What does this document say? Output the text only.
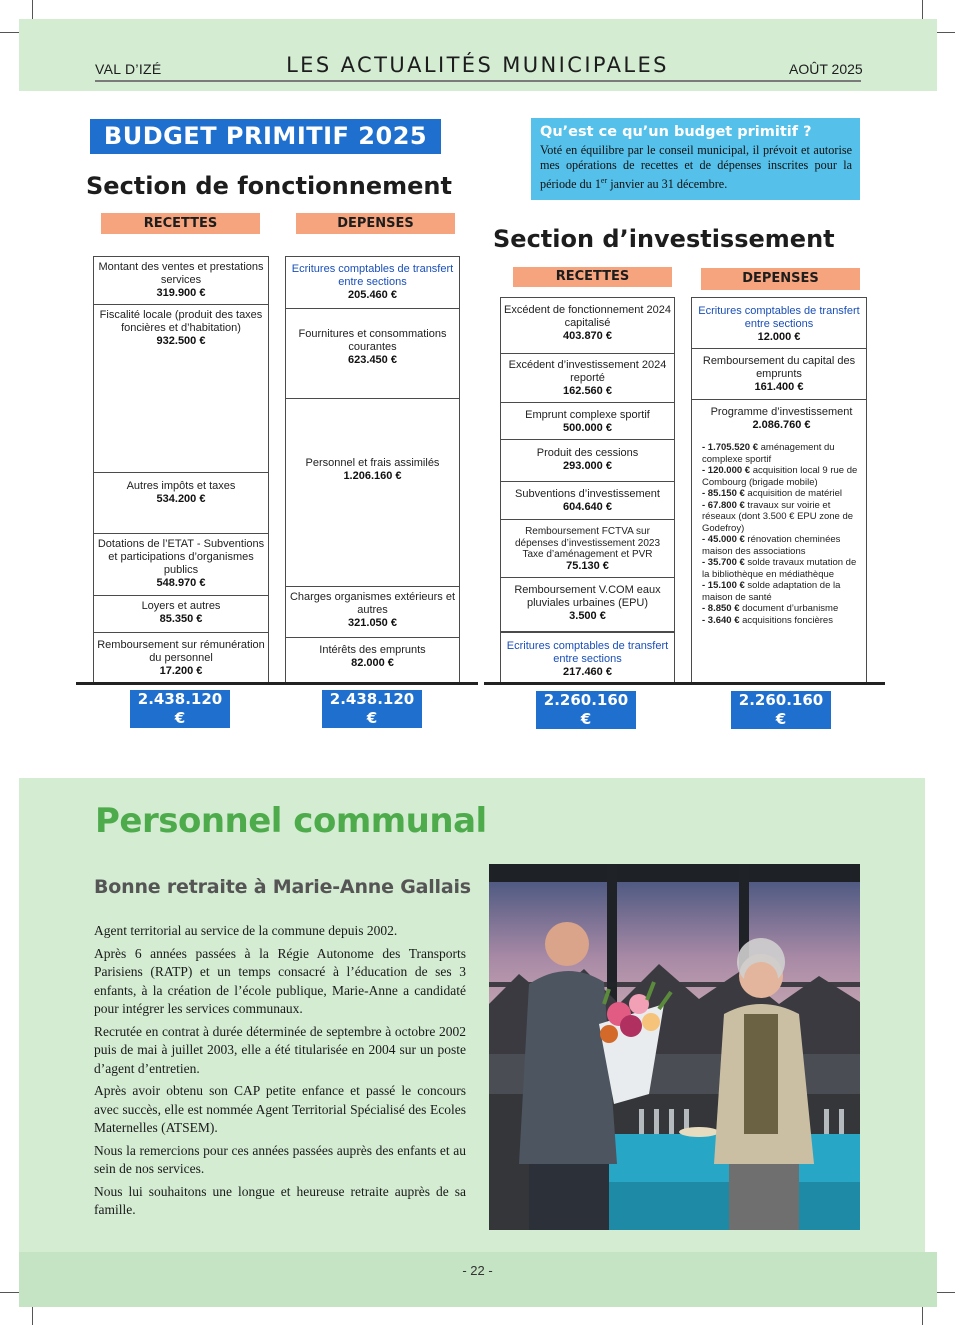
VAL D’IZÉ	LES ACTUALITÉS MUNICIPALES	AOÛT 2025
BUDGET PRIMITIF 2025	Qu’est ce qu’un budget primitif ?
Voté en équilibre par le conseil municipal, il prévoit et autorise mes opérations de recettes et de dépenses inscrites pour la période du 1er janvier au 31 décembre.
Section de fonctionnement
RECETTES	DEPENSES
Montant des ventes et prestations services
319.900 €
Fiscalité locale (produit des taxes foncières et d’habitation)
932.500 €
Autres impôts et taxes
534.200 €
Dotations de l’ETAT - Subventions et participations d’organismes publics
548.970 €
Loyers et autres
85.350 €
Remboursement sur rémunération du personnel
17.200 €
Ecritures comptables de transfert entre sections
205.460 €
Fournitures et consommations courantes
623.450 €
Personnel et frais assimilés
1.206.160 €
Charges organismes extérieurs et autres
321.050 €
Intérêts des emprunts
82.000 €
2.438.120 €
2.438.120 €
Section d’investissement
RECETTES	DEPENSES
Excédent de fonctionnement 2024 capitalisé
403.870 €
Excédent d’investissement 2024 reporté
162.560 €
Emprunt complexe sportif
500.000 €
Produit des cessions
293.000 €
Subventions d’investissement
604.640 €
Remboursement FCTVA sur dépenses d’investissement 2023 Taxe d’aménagement et PVR
75.130 €
Remboursement V.COM eaux pluviales urbaines (EPU)
3.500 €
Ecritures comptables de transfert entre sections
217.460 €
Ecritures comptables de transfert entre sections
12.000 €
Remboursement du capital des emprunts
161.400 €
Programme d’investissement
2.086.760 €
- 1.705.520 € aménagement du complexe sportif
- 120.000 € acquisition local 9 rue de Combourg (brigade mobile)
- 85.150 € acquisition de matériel
- 67.800 € travaux sur voirie et réseaux (dont 3.500 € EPU zone de Godefroy)
- 45.000 € rénovation cheminées maison des associations
- 35.700 € solde travaux mutation de la bibliothèque en médiathèque
- 15.100 € solde adaptation de la maison de santé
- 8.850 € document d’urbanisme
- 3.640 € acquisitions foncières
2.260.160 €
2.260.160 €
Personnel communal
Bonne retraite à Marie-Anne Gallais

Agent territorial au service de la commune depuis 2002.

Après 6 années passées à la Régie Autonome des Transports Parisiens (RATP) et un temps consacré à l’éducation de ses 3 enfants, à la création de l’école publique, Marie-Anne a candidaté pour intégrer les services communaux.

Recrutée en contrat à durée déterminée de septembre à octobre 2002 puis de mai à juillet 2003, elle a été titularisée en 2004 sur un poste d’agent d’entretien.

Après avoir obtenu son CAP petite enfance et passé le concours avec succès, elle est nommée Agent Territorial Spécialisé des Ecoles Maternelles (ATSEM).

Nous la remercions pour ces années passées auprès des enfants et au sein de nos services.

Nous lui souhaitons une longue et heureuse retraite auprès de sa famille.

- 22 -
